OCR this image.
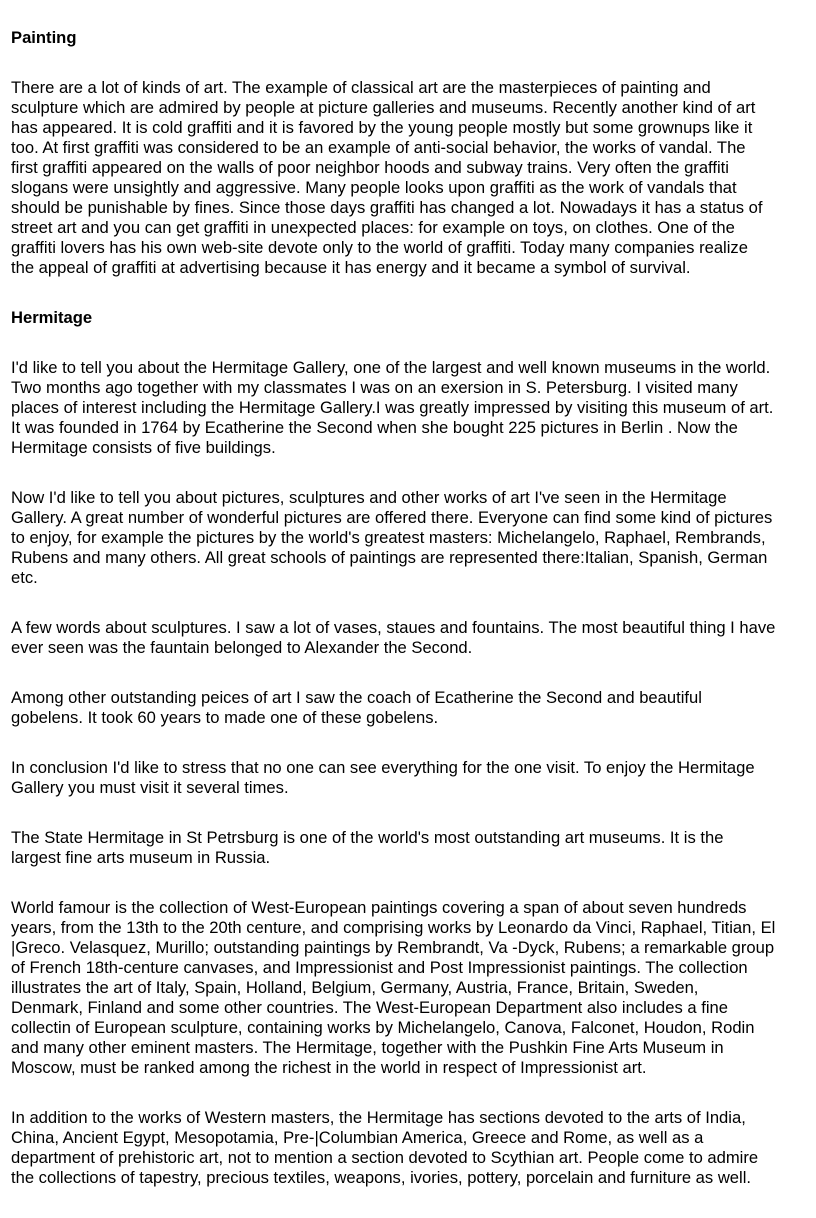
Painting

There are a lot of kinds of art. The example of classical art are the masterpieces of painting and
sculpture which are admired by people at picture galleries and museums. Recently another kind of art
has appeared. It is cold graffiti and it is favored by the young people mostly but some grownups like it
too. At first graffiti was considered to be an example of anti-social behavior, the works of vandal. The
first graffiti appeared on the walls of poor neighbor hoods and subway trains. Very often the graffiti
slogans were unsightly and aggressive. Many people looks upon graffiti as the work of vandals that
should be punishable by fines. Since those days graffiti has changed a lot. Nowadays it has a status of
street art and you can get graffiti in unexpected places: for example on toys, on clothes. One of the
graffiti lovers has his own web-site devote only to the world of graffiti. Today many companies realize
the appeal of graffiti at advertising because it has energy and it became a symbol of survival.

Hermitage

I'd like to tell you about the Hermitage Gallery, one of the largest and well known museums in the world.
Two months ago together with my classmates I was on an exersion in S. Petersburg. I visited many
places of interest including the Hermitage Gallery.I was greatly impressed by visiting this museum of art.
It was founded in 1764 by Ecatherine the Second when she bought 225 pictures in Berlin . Now the
Hermitage consists of five buildings.

Now I'd like to tell you about pictures, sculptures and other works of art I've seen in the Hermitage
Gallery. A great number of wonderful pictures are offered there. Everyone can find some kind of pictures
to enjoy, for example the pictures by the world's greatest masters: Michelangelo, Raphael, Rembrands,
Rubens and many others. All great schools of paintings are represented there:Italian, Spanish, German
etc.

A few words about sculptures. I saw a lot of vases, staues and fountains. The most beautiful thing I have
ever seen was the fauntain belonged to Alexander the Second.

Among other outstanding peices of art I saw the coach of Ecatherine the Second and beautiful
gobelens. It took 60 years to made one of these gobelens.

In conclusion I'd like to stress that no one can see everything for the one visit. To enjoy the Hermitage
Gallery you must visit it several times.

The State Hermitage in St Petrsburg is one of the world's most outstanding art museums. It is the
largest fine arts museum in Russia.

World famour is the collection of West-European paintings covering a span of about seven hundreds
years, from the 13th to the 20th centure, and comprising works by Leonardo da Vinci, Raphael, Titian, El
|Greco. Velasquez, Murillo; outstanding paintings by Rembrandt, Va -Dyck, Rubens; a remarkable group
of French 18th-centure canvases, and Impressionist and Post Impressionist paintings. The collection
illustrates the art of Italy, Spain, Holland, Belgium, Germany, Austria, France, Britain, Sweden,
Denmark, Finland and some other countries. The West-European Department also includes a fine
collectin of European sculpture, containing works by Michelangelo, Canova, Falconet, Houdon, Rodin
and many other eminent masters. The Hermitage, together with the Pushkin Fine Arts Museum in
Moscow, must be ranked among the richest in the world in respect of Impressionist art.

In addition to the works of Western masters, the Hermitage has sections devoted to the arts of India,
China, Ancient Egypt, Mesopotamia, Pre-|Columbian America, Greece and Rome, as well as a
department of prehistoric art, not to mention a section devoted to Scythian art. People come to admire
the collections of tapestry, precious textiles, weapons, ivories, pottery, porcelain and furniture as well.
